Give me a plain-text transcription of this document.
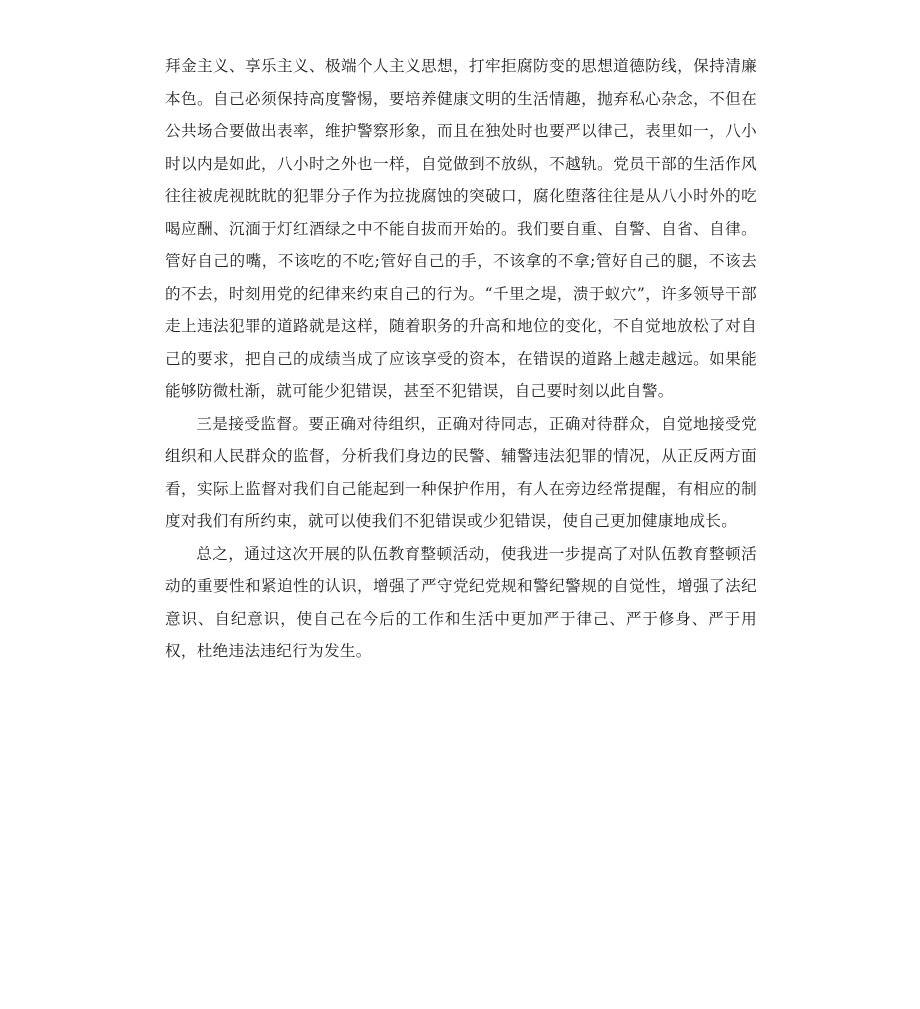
拜金主义、享乐主义、极端个人主义思想，打牢拒腐防变的思想道德防线，保持清廉本色。自己必须保持高度警惕，要培养健康文明的生活情趣，抛弃私心杂念，不但在公共场合要做出表率，维护警察形象，而且在独处时也要严以律己，表里如一，八小时以内是如此，八小时之外也一样，自觉做到不放纵，不越轨。党员干部的生活作风往往被虎视眈眈的犯罪分子作为拉拢腐蚀的突破口，腐化堕落往往是从八小时外的吃喝应酬、沉湎于灯红酒绿之中不能自拔而开始的。我们要自重、自警、自省、自律。管好自己的嘴，不该吃的不吃;管好自己的手，不该拿的不拿;管好自己的腿，不该去的不去，时刻用党的纪律来约束自己的行为。“千里之堤，溃于蚁穴”，许多领导干部走上违法犯罪的道路就是这样，随着职务的升高和地位的变化，不自觉地放松了对自己的要求，把自己的成绩当成了应该享受的资本，在错误的道路上越走越远。如果能能够防微杜渐，就可能少犯错误，甚至不犯错误，自己要时刻以此自警。

三是接受监督。要正确对待组织，正确对待同志，正确对待群众，自觉地接受党组织和人民群众的监督，分析我们身边的民警、辅警违法犯罪的情况，从正反两方面看，实际上监督对我们自己能起到一种保护作用，有人在旁边经常提醒，有相应的制度对我们有所约束，就可以使我们不犯错误或少犯错误，使自己更加健康地成长。

总之，通过这次开展的队伍教育整顿活动，使我进一步提高了对队伍教育整顿活动的重要性和紧迫性的认识，增强了严守党纪党规和警纪警规的自觉性，增强了法纪意识、自纪意识，使自己在今后的工作和生活中更加严于律己、严于修身、严于用权，杜绝违法违纪行为发生。
